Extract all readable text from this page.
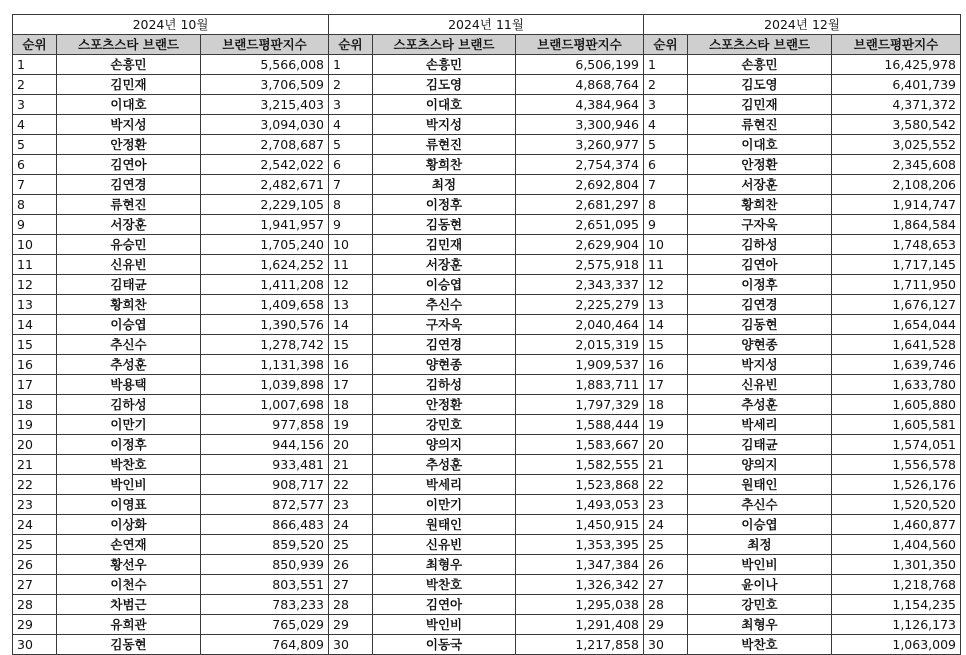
2024년 10월			2024년 11월			2024년 12월		
순위	스포츠스타 브랜드	브랜드평판지수	순위	스포츠스타 브랜드	브랜드평판지수	순위	스포츠스타 브랜드	브랜드평판지수
1	손흥민	5,566,008	1	손흥민	6,506,199	1	손흥민	16,425,978
2	김민재	3,706,509	2	김도영	4,868,764	2	김도영	6,401,739
3	이대호	3,215,403	3	이대호	4,384,964	3	김민재	4,371,372
4	박지성	3,094,030	4	박지성	3,300,946	4	류현진	3,580,542
5	안정환	2,708,687	5	류현진	3,260,977	5	이대호	3,025,552
6	김연아	2,542,022	6	황희찬	2,754,374	6	안정환	2,345,608
7	김연경	2,482,671	7	최정	2,692,804	7	서장훈	2,108,206
8	류현진	2,229,105	8	이정후	2,681,297	8	황희찬	1,914,747
9	서장훈	1,941,957	9	김동현	2,651,095	9	구자욱	1,864,584
10	유승민	1,705,240	10	김민재	2,629,904	10	김하성	1,748,653
11	신유빈	1,624,252	11	서장훈	2,575,918	11	김연아	1,717,145
12	김태균	1,411,208	12	이승엽	2,343,337	12	이정후	1,711,950
13	황희찬	1,409,658	13	추신수	2,225,279	13	김연경	1,676,127
14	이승엽	1,390,576	14	구자욱	2,040,464	14	김동현	1,654,044
15	추신수	1,278,742	15	김연경	2,015,319	15	양현종	1,641,528
16	추성훈	1,131,398	16	양현종	1,909,537	16	박지성	1,639,746
17	박용택	1,039,898	17	김하성	1,883,711	17	신유빈	1,633,780
18	김하성	1,007,698	18	안정환	1,797,329	18	추성훈	1,605,880
19	이만기	977,858	19	강민호	1,588,444	19	박세리	1,605,581
20	이정후	944,156	20	양의지	1,583,667	20	김태균	1,574,051
21	박찬호	933,481	21	추성훈	1,582,555	21	양의지	1,556,578
22	박인비	908,717	22	박세리	1,523,868	22	원태인	1,526,176
23	이영표	872,577	23	이만기	1,493,053	23	추신수	1,520,520
24	이상화	866,483	24	원태인	1,450,915	24	이승엽	1,460,877
25	손연재	859,520	25	신유빈	1,353,395	25	최정	1,404,560
26	황선우	850,939	26	최형우	1,347,384	26	박인비	1,301,350
27	이천수	803,551	27	박찬호	1,326,342	27	윤이나	1,218,768
28	차범근	783,233	28	김연아	1,295,038	28	강민호	1,154,235
29	유희관	765,029	29	박인비	1,291,408	29	최형우	1,126,173
30	김동현	764,809	30	이동국	1,217,858	30	박찬호	1,063,009
